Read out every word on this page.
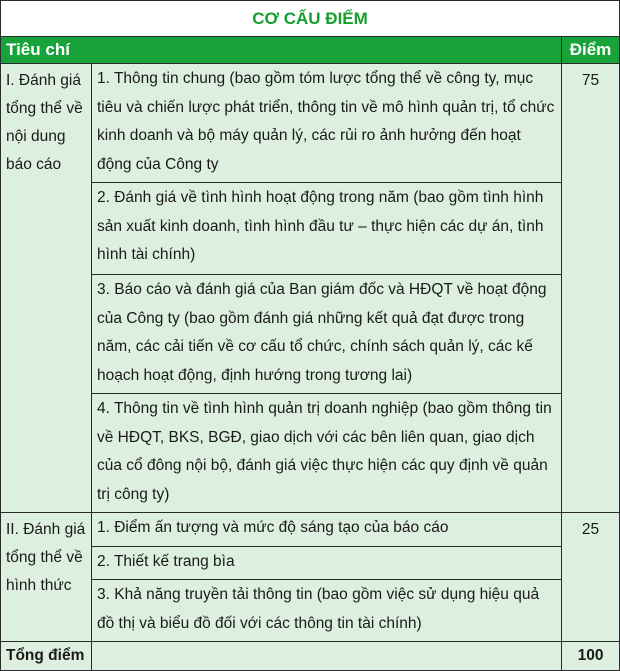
CƠ CẤU ĐIỂM		
Tiêu chí		Điểm
I. Đánh giá tổng thể về nội dung báo cáo	1. Thông tin chung (bao gồm tóm lược tổng thể về công ty, mục tiêu và chiến lược phát triển, thông tin về mô hình quản trị, tổ chức kinh doanh và bộ máy quản lý, các rủi ro ảnh hưởng đến hoạt động của Công ty	75
	2. Đánh giá về tình hình hoạt động trong năm (bao gồm tình hình sản xuất kinh doanh, tình hình đầu tư – thực hiện các dự án, tình hình tài chính)	
	3. Báo cáo và đánh giá của Ban giám đốc và HĐQT về hoạt động của Công ty (bao gồm đánh giá những kết quả đạt được trong năm, các cải tiến về cơ cấu tổ chức, chính sách quản lý, các kế hoạch hoạt động, định hướng trong tương lai)	
	4. Thông tin về tình hình quản trị doanh nghiệp (bao gồm thông tin về HĐQT, BKS, BGĐ, giao dịch với các bên liên quan, giao dịch của cổ đông nội bộ, đánh giá việc thực hiện các quy định về quản trị công ty)	
II. Đánh giá tổng thể về hình thức	1. Điểm ấn tượng và mức độ sáng tạo của báo cáo	25
	2. Thiết kế trang bìa	
	3. Khả năng truyền tải thông tin (bao gồm việc sử dụng hiệu quả đồ thị và biểu đồ đối với các thông tin tài chính)	
Tổng điểm		100
